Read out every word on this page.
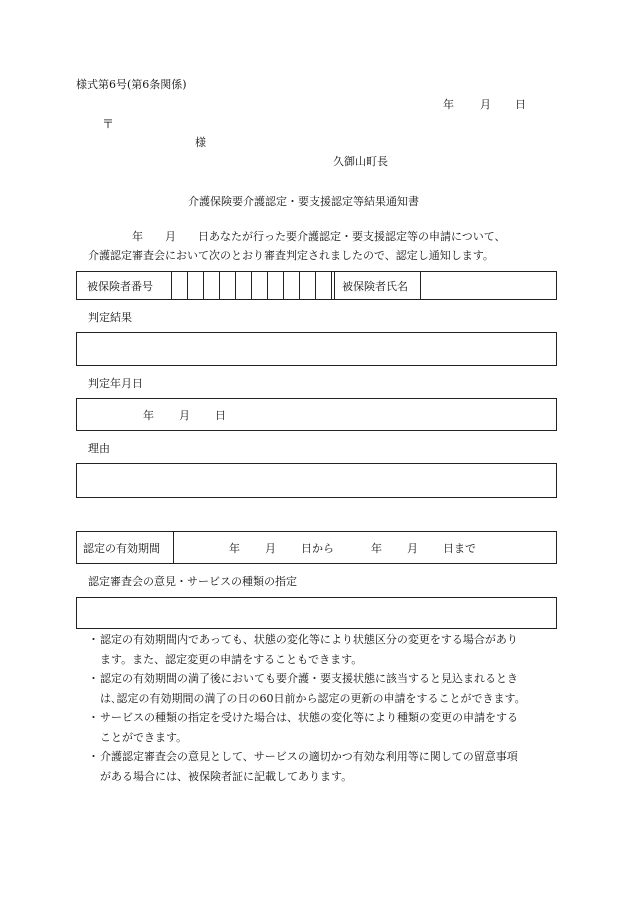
様式第6号(第6条関係)
年 月 日
〒
様
久御山町長
介護保険要介護認定・要支援認定等結果通知書
　　　　年　　月　　日あなたが行った要介護認定・要支援認定等の申請について、
介護認定審査会において次のとおり審査判定されましたので、認定し通知します。
被保険者番号	被保険者氏名
判定結果
判定年月日
年 月 日
理由
認定の有効期間	年 月 日から	年 月 日まで
認定審査会の意見・サービスの種類の指定
・ 認定の有効期間内であっても、状態の変化等により状態区分の変更をする場合があり
ます。また、認定変更の申請をすることもできます。
・ 認定の有効期間の満了後においても要介護・要支援状態に該当すると見込まれるとき
は､認定の有効期間の満了の日の60日前から認定の更新の申請をすることができます。
・ サービスの種類の指定を受けた場合は、状態の変化等により種類の変更の申請をする
ことができます。
・ 介護認定審査会の意見として、サービスの適切かつ有効な利用等に関しての留意事項
がある場合には、被保険者証に記載してあります。
